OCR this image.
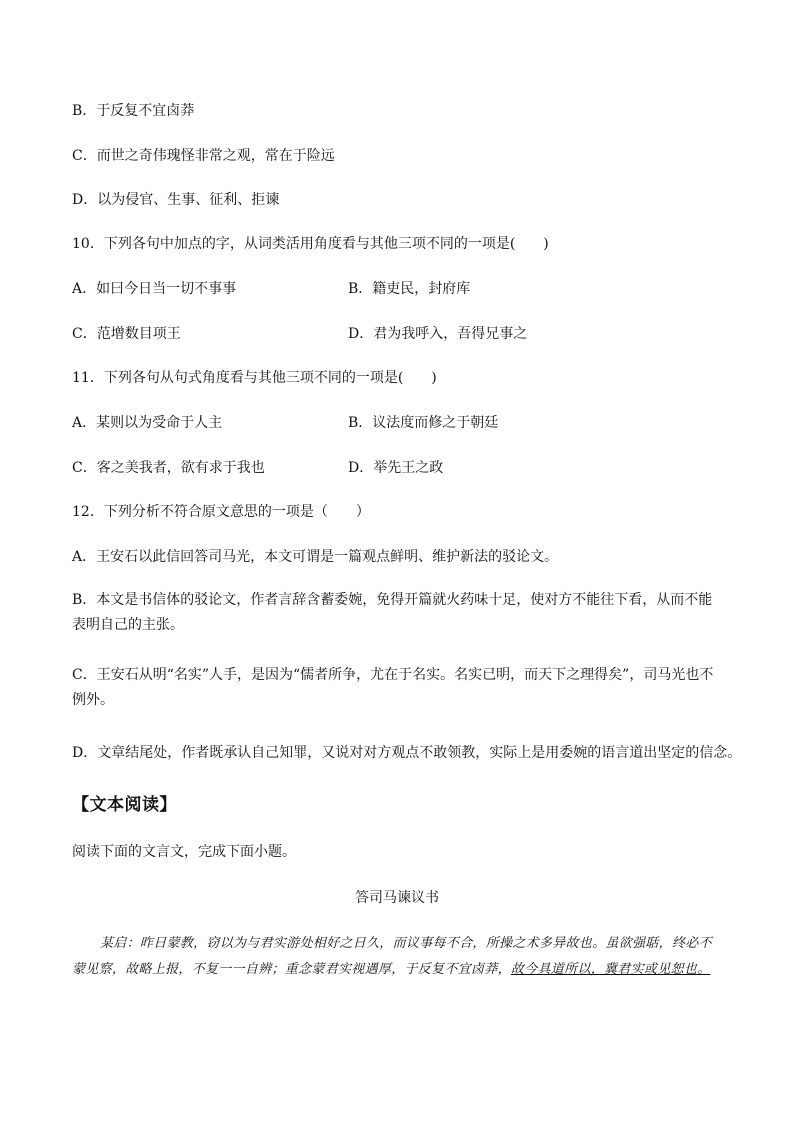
B．于反复不宜卤莽
C．而世之奇伟瑰怪非常之观，常在于险远
D．以为侵官、生事、征利、拒谏
10．下列各句中加点的字，从词类活用角度看与其他三项不同的一项是(　　)
A．如曰今日当一切不事事	B．籍吏民，封府库
C．范增数目项王	D．君为我呼入，吾得兄事之
11．下列各句从句式角度看与其他三项不同的一项是(　　)
A．某则以为受命于人主	B．议法度而修之于朝廷
C．客之美我者，欲有求于我也	D．举先王之政
12．下列分析不符合原文意思的一项是（　　）
A．王安石以此信回答司马光，本文可谓是一篇观点鲜明、维护新法的驳论文。
B．本文是书信体的驳论文，作者言辞含蓄委婉，免得开篇就火药味十足，使对方不能往下看，从而不能表明自己的主张。
C．王安石从明“名实”人手，是因为“儒者所争，尤在于名实。名实已明，而天下之理得矣”，司马光也不例外。
D．文章结尾处，作者既承认自己知罪，又说对对方观点不敢领教，实际上是用委婉的语言道出坚定的信念。
【文本阅读】
阅读下面的文言文，完成下面小题。
答司马谏议书
某启：昨日蒙教，窃以为与君实游处相好之日久，而议事每不合，所操之术多异故也。虽欲强聒，终必不蒙见察，故略上报，不复一一自辨；重念蒙君实视遇厚，于反复不宜卤莽，故今具道所以，冀君实或见恕也。
